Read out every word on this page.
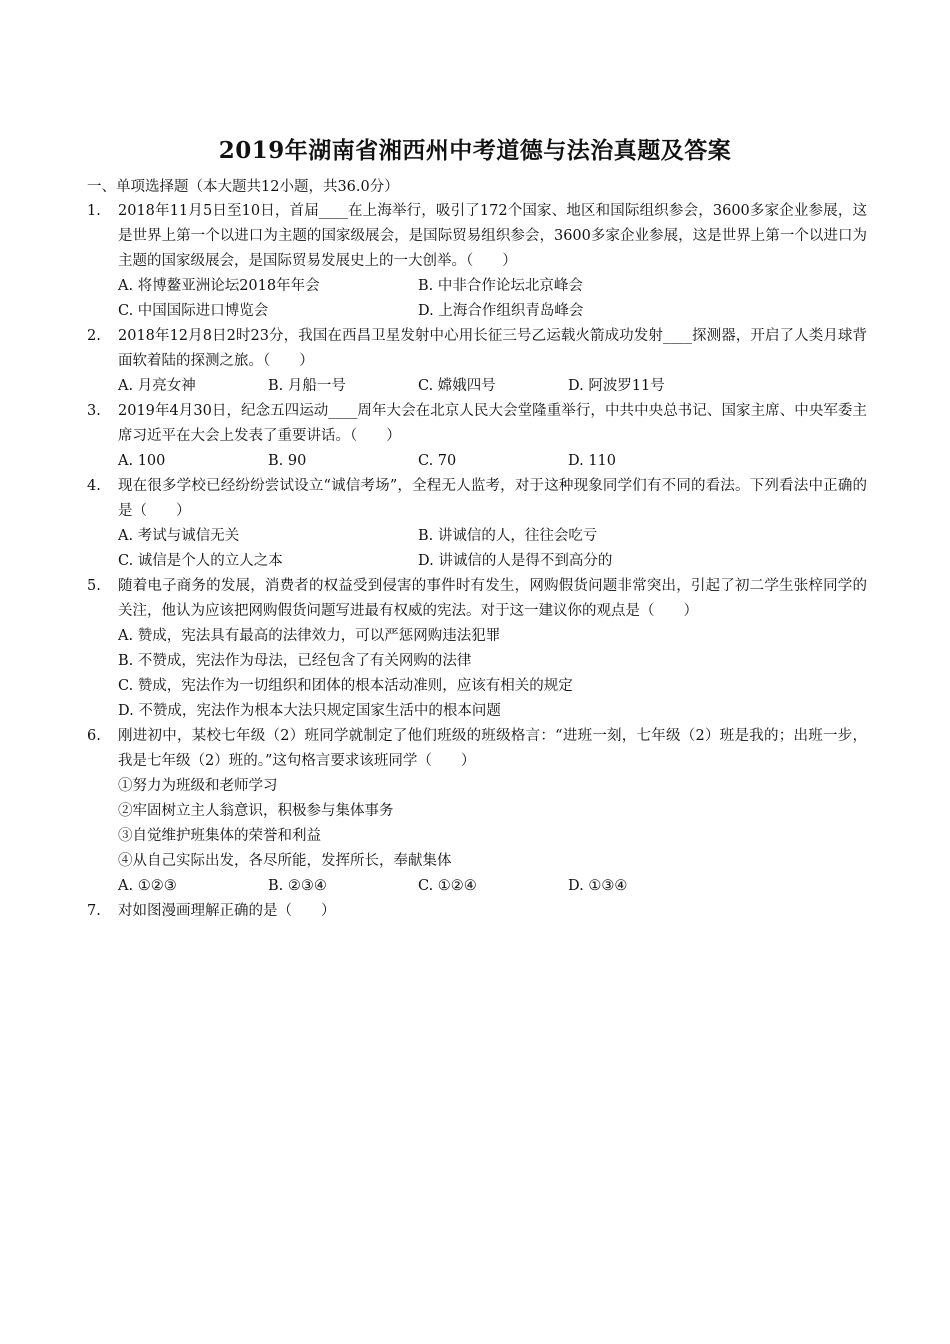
2019年湖南省湘西州中考道德与法治真题及答案

一、单项选择题（本大题共12小题，共36.0分）

1. 2018年11月5日至10日，首届____在上海举行，吸引了172个国家、地区和国际组织参会，3600多家企业参展，这是世界上第一个以进口为主题的国家级展会，是国际贸易组织参会，3600多家企业参展，这是世界上第一个以进口为主题的国家级展会，是国际贸易发展史上的一大创举。（　　）

A. 将博鳌亚洲论坛2018年年会	B. 中非合作论坛北京峰会
C. 中国国际进口博览会	D. 上海合作组织青岛峰会
2. 2018年12月8日2时23分，我国在西昌卫星发射中心用长征三号乙运载火箭成功发射____探测器，开启了人类月球背面软着陆的探测之旅。（　　）

A. 月亮女神	B. 月船一号	C. 嫦娥四号	D. 阿波罗11号
3. 2019年4月30日，纪念五四运动____周年大会在北京人民大会堂隆重举行，中共中央总书记、国家主席、中央军委主席习近平在大会上发表了重要讲话。（　　）

A. 100	B. 90	C. 70	D. 110
4. 现在很多学校已经纷纷尝试设立“诚信考场”，全程无人监考，对于这种现象同学们有不同的看法。下列看法中正确的是（　　）

A. 考试与诚信无关	B. 讲诚信的人，往往会吃亏
C. 诚信是个人的立人之本	D. 讲诚信的人是得不到高分的
5. 随着电子商务的发展，消费者的权益受到侵害的事件时有发生，网购假货问题非常突出，引起了初二学生张梓同学的关注，他认为应该把网购假货问题写进最有权威的宪法。对于这一建议你的观点是（　　）

A. 赞成，宪法具有最高的法律效力，可以严惩网购违法犯罪
B. 不赞成，宪法作为母法，已经包含了有关网购的法律
C. 赞成，宪法作为一切组织和团体的根本活动准则，应该有相关的规定
D. 不赞成，宪法作为根本大法只规定国家生活中的根本问题
6. 刚进初中，某校七年级（2）班同学就制定了他们班级的班级格言：“进班一刻，七年级（2）班是我的；出班一步，我是七年级（2）班的。”这句格言要求该班同学（　　）

①努力为班级和老师学习
②牢固树立主人翁意识，积极参与集体事务
③自觉维护班集体的荣誉和利益
④从自己实际出发，各尽所能，发挥所长，奉献集体
A. ①②③	B. ②③④	C. ①②④	D. ①③④
7. 对如图漫画理解正确的是（　　）
